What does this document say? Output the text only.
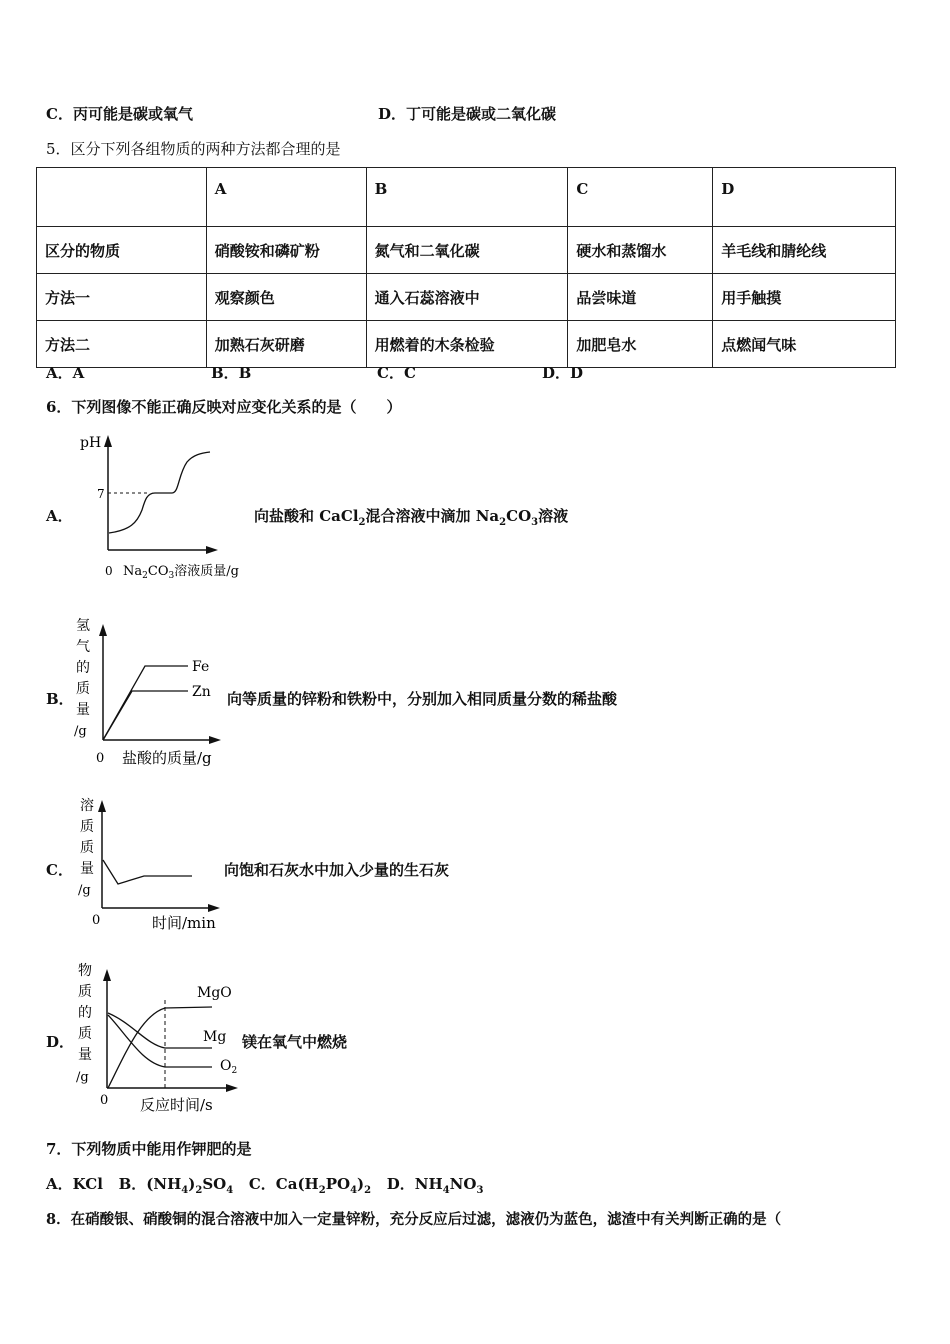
C．丙可能是碳或氧气	D．丁可能是碳或二氧化碳
5．区分下列各组物质的两种方法都合理的是
	A	B	C	D
区分的物质	硝酸铵和磷矿粉	氮气和二氧化碳	硬水和蒸馏水	羊毛线和腈纶线
方法一	观察颜色	通入石蕊溶液中	品尝味道	用手触摸
方法二	加熟石灰研磨	用燃着的木条检验	加肥皂水	点燃闻气味
A．A	B．B	C．C	D．D
6．下列图像不能正确反映对应变化关系的是（　　）
A．	向盐酸和 CaCl$_2$混合溶液中滴加 $Na_2CO_3$溶液
pH
7
0 $Na_2CO_3$溶液质量/g
B．	向等质量的锌粉和铁粉中，分别加入相同质量分数的稀盐酸
氢
气
的
质
量
/g
Fe
Zn
0 盐酸的质量/g
C．	向饱和石灰水中加入少量的生石灰
溶
质
质
量
/g
0	时间/min
D．	镁在氧气中燃烧
物
质
的
质
量
/g
MgO
Mg
$O_2$
0 反应时间/s
7．下列物质中能用作钾肥的是
A．KCl B．$(NH_4)_2SO_4$ C．$Ca(H_2PO_4)_2$ D．$NH_4NO_3$
8．在硝酸银、硝酸铜的混合溶液中加入一定量锌粉，充分反应后过滤，滤液仍为蓝色，滤渣中有关判断正确的是（
